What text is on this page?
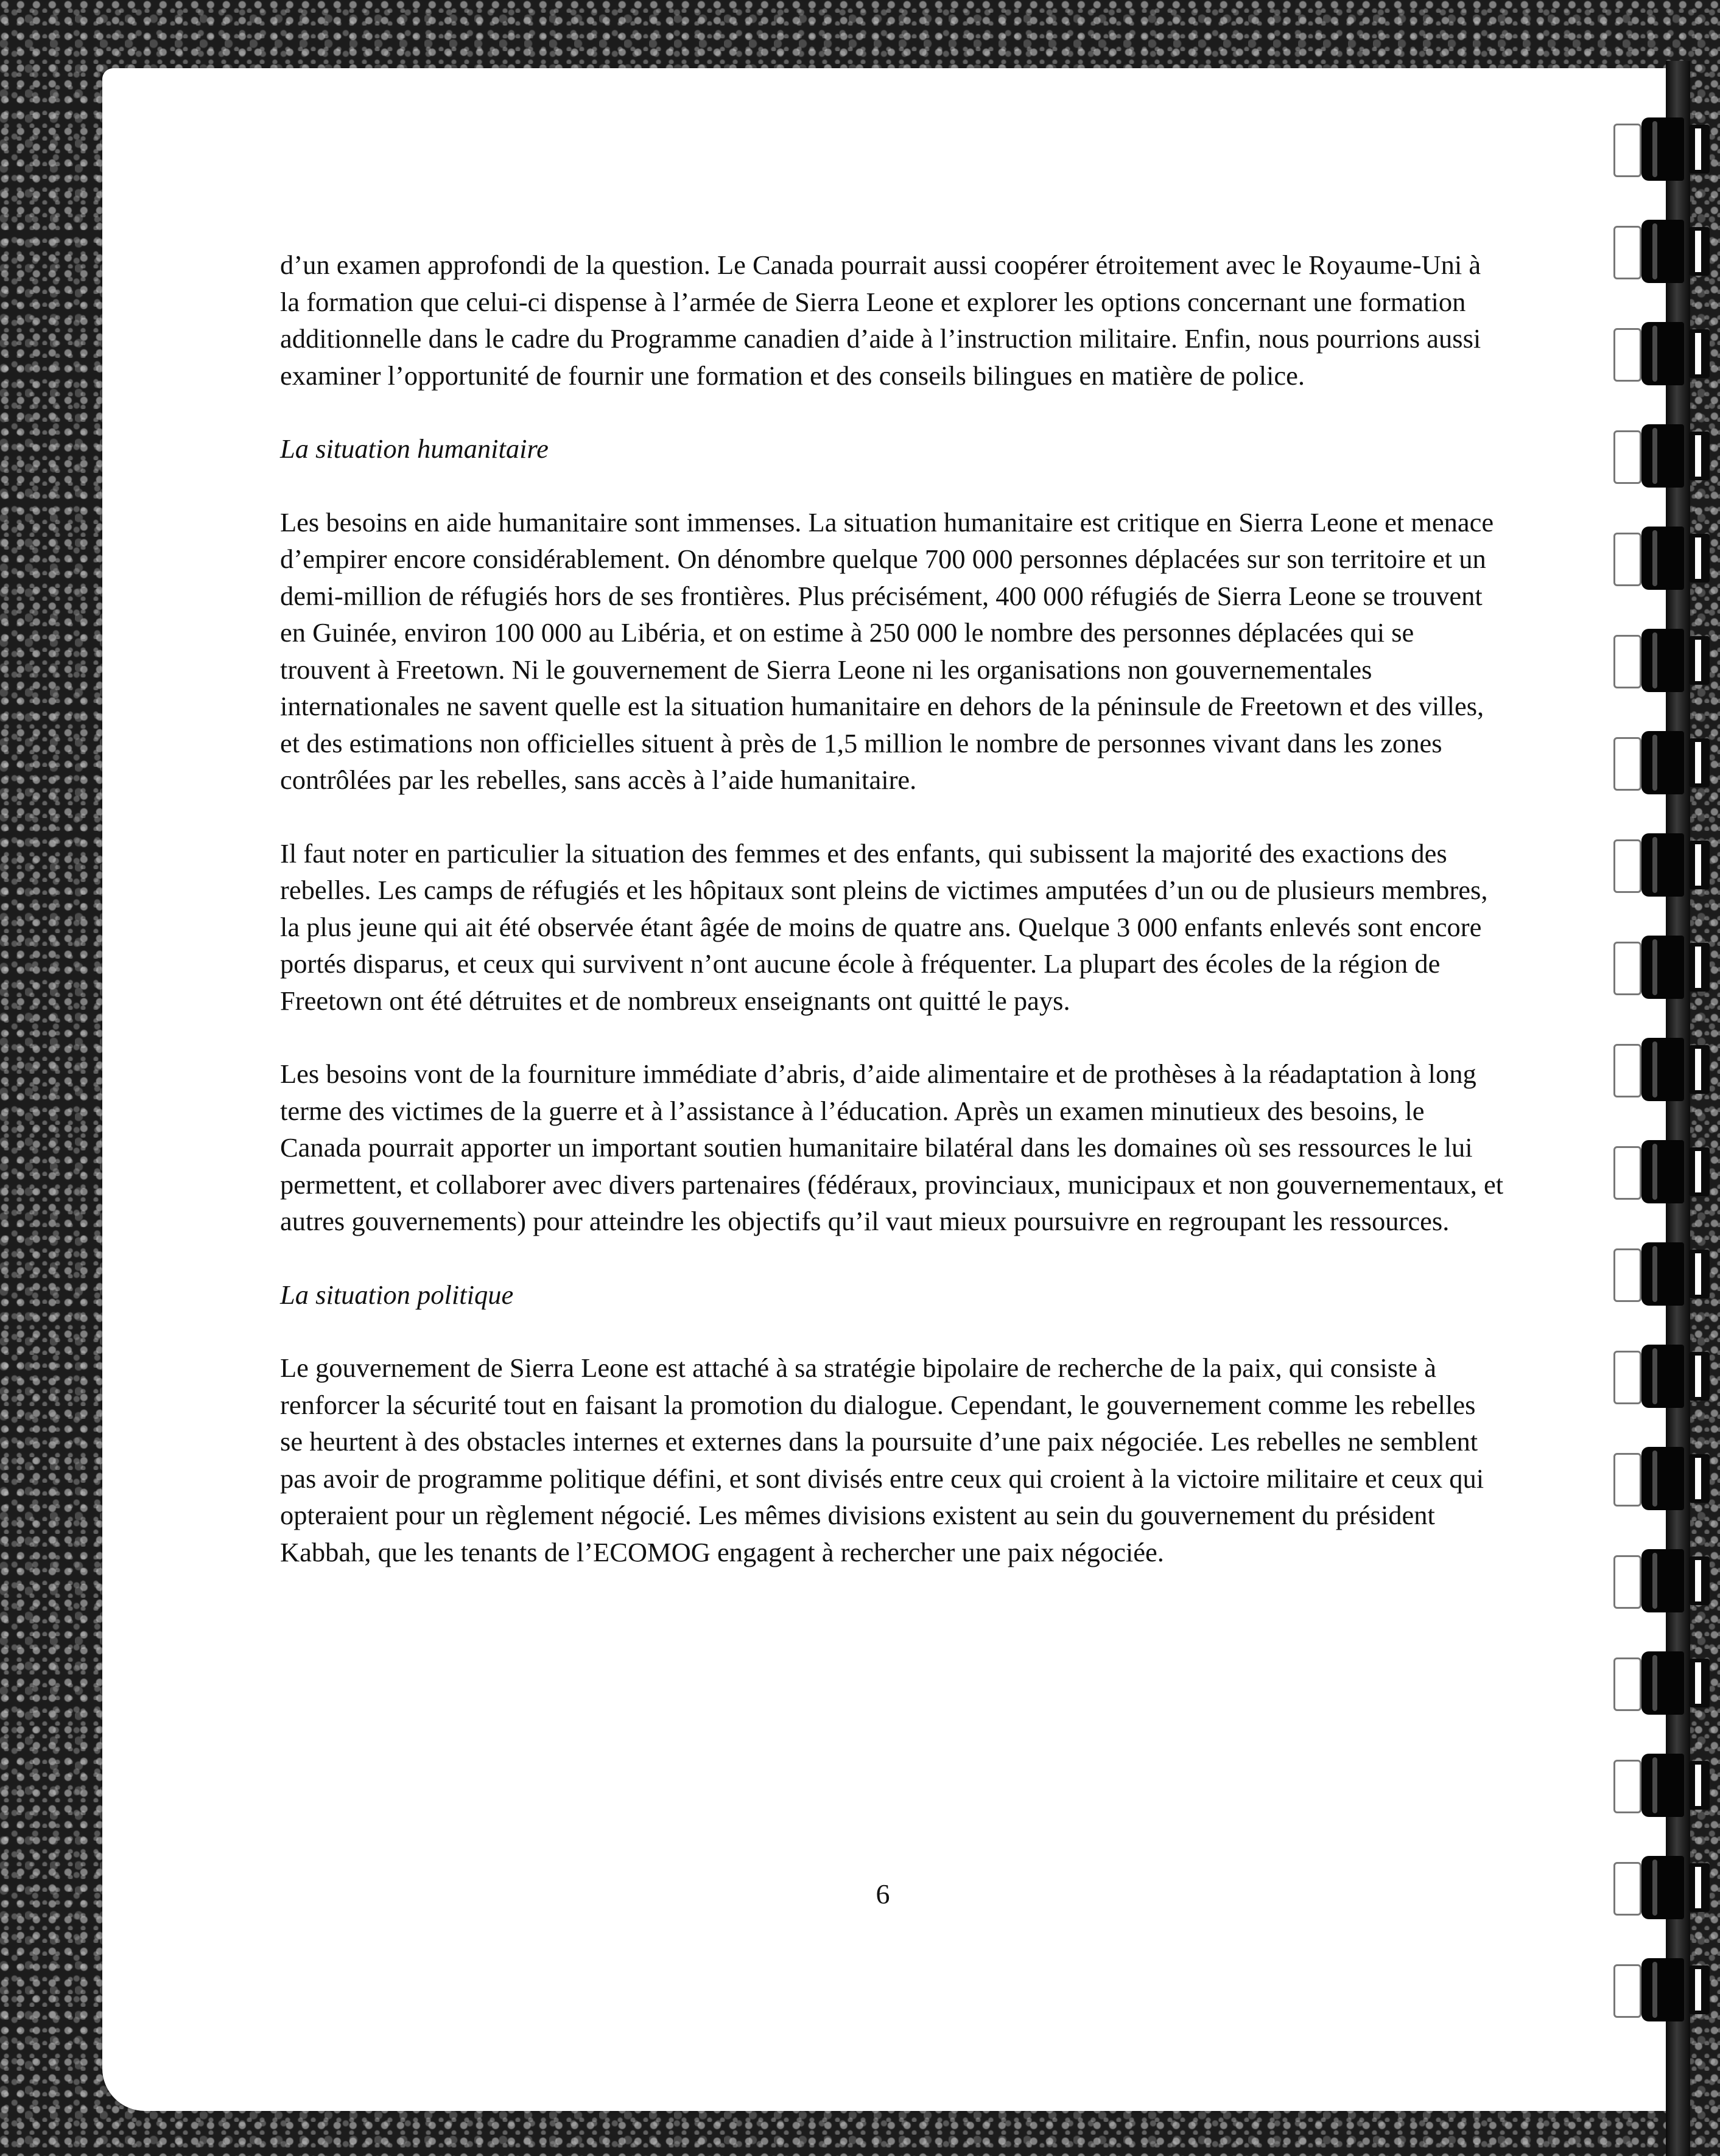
d’un examen approfondi de la question. Le Canada pourrait aussi coopérer étroitement avec le Royaume-Uni à la formation que celui-ci dispense à l’armée de Sierra Leone et explorer les options concernant une formation additionnelle dans le cadre du Programme canadien d’aide à l’instruction militaire. Enfin, nous pourrions aussi examiner l’opportunité de fournir une formation et des conseils bilingues en matière de police.

La situation humanitaire

Les besoins en aide humanitaire sont immenses. La situation humanitaire est critique en Sierra Leone et menace d’empirer encore considérablement. On dénombre quelque 700 000 personnes déplacées sur son territoire et un demi-million de réfugiés hors de ses frontières. Plus précisément, 400 000 réfugiés de Sierra Leone se trouvent en Guinée, environ 100 000 au Libéria, et on estime à 250 000 le nombre des personnes déplacées qui se trouvent à Freetown. Ni le gouvernement de Sierra Leone ni les organisations non gouvernementales internationales ne savent quelle est la situation humanitaire en dehors de la péninsule de Freetown et des villes, et des estimations non officielles situent à près de 1,5 million le nombre de personnes vivant dans les zones contrôlées par les rebelles, sans accès à l’aide humanitaire.

Il faut noter en particulier la situation des femmes et des enfants, qui subissent la majorité des exactions des rebelles. Les camps de réfugiés et les hôpitaux sont pleins de victimes amputées d’un ou de plusieurs membres, la plus jeune qui ait été observée étant âgée de moins de quatre ans. Quelque 3 000 enfants enlevés sont encore portés disparus, et ceux qui survivent n’ont aucune école à fréquenter. La plupart des écoles de la région de Freetown ont été détruites et de nombreux enseignants ont quitté le pays.

Les besoins vont de la fourniture immédiate d’abris, d’aide alimentaire et de prothèses à la réadaptation à long terme des victimes de la guerre et à l’assistance à l’éducation. Après un examen minutieux des besoins, le Canada pourrait apporter un important soutien humanitaire bilatéral dans les domaines où ses ressources le lui permettent, et collaborer avec divers partenaires (fédéraux, provinciaux, municipaux et non gouvernementaux, et autres gouvernements) pour atteindre les objectifs qu’il vaut mieux poursuivre en regroupant les ressources.

La situation politique

Le gouvernement de Sierra Leone est attaché à sa stratégie bipolaire de recherche de la paix, qui consiste à renforcer la sécurité tout en faisant la promotion du dialogue. Cependant, le gouvernement comme les rebelles se heurtent à des obstacles internes et externes dans la poursuite d’une paix négociée. Les rebelles ne semblent pas avoir de programme politique défini, et sont divisés entre ceux qui croient à la victoire militaire et ceux qui opteraient pour un règlement négocié. Les mêmes divisions existent au sein du gouvernement du président Kabbah, que les tenants de l’ECOMOG engagent à rechercher une paix négociée.

6
